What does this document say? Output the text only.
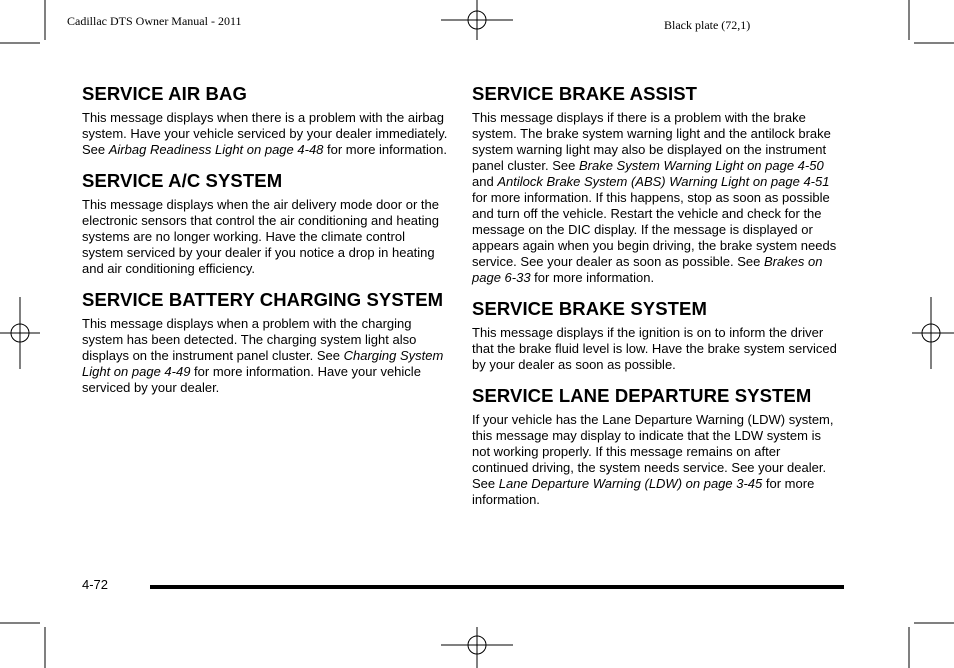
Cadillac DTS Owner Manual - 2011	Black plate (72,1)
SERVICE AIR BAG

This message displays when there is a problem with the airbag system. Have your vehicle serviced by your dealer immediately. See Airbag Readiness Light on page 4-48 for more information.

SERVICE A/C SYSTEM

This message displays when the air delivery mode door or the electronic sensors that control the air conditioning and heating systems are no longer working. Have the climate control system serviced by your dealer if you notice a drop in heating and air conditioning efficiency.

SERVICE BATTERY CHARGING SYSTEM

This message displays when a problem with the charging system has been detected. The charging system light also displays on the instrument panel cluster. See Charging System Light on page 4-49 for more information. Have your vehicle serviced by your dealer.

SERVICE BRAKE ASSIST

This message displays if there is a problem with the brake system. The brake system warning light and the antilock brake system warning light may also be displayed on the instrument panel cluster. See Brake System Warning Light on page 4-50 and Antilock Brake System (ABS) Warning Light on page 4-51 for more information. If this happens, stop as soon as possible and turn off the vehicle. Restart the vehicle and check for the message on the DIC display. If the message is displayed or appears again when you begin driving, the brake system needs service. See your dealer as soon as possible. See Brakes on page 6-33 for more information.

SERVICE BRAKE SYSTEM

This message displays if the ignition is on to inform the driver that the brake fluid level is low. Have the brake system serviced by your dealer as soon as possible.

SERVICE LANE DEPARTURE SYSTEM

If your vehicle has the Lane Departure Warning (LDW) system, this message may display to indicate that the LDW system is not working properly. If this message remains on after continued driving, the system needs service. See your dealer. See Lane Departure Warning (LDW) on page 3-45 for more information.

4-72
